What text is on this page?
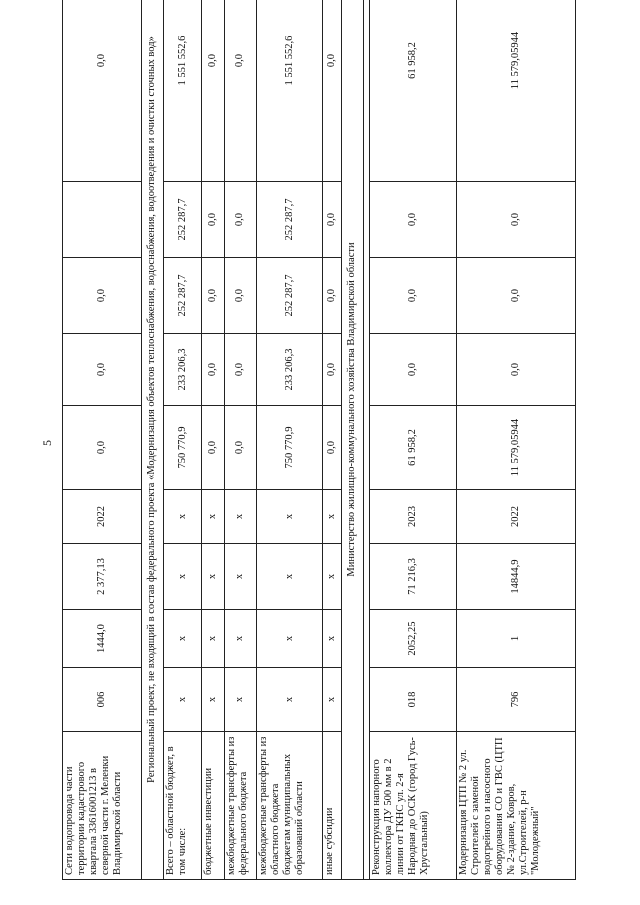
5
Сети водопровода части территории кадастрового квартала 33616001213 в северной части г. Меленки Владимирской области	006	1444,0	2 377,13	2022	0,0	0,0	0,0		0,0
Региональный проект, не входящий в состав федерального проекта «Модернизация объектов теплоснабжения, водоснабжения, водоотведения и очистки сточных вод»									
Всего – областной бюджет, в том числе:	х	х	х	х	750 770,9	233 206,3	252 287,7	252 287,7	1 551 552,6
бюджетные инвестиции	х	х	х	х	0,0	0,0	0,0	0,0	0,0
межбюджетные трансферты из федерального бюджета	х	х	х	х	0,0	0,0	0,0	0,0	0,0
межбюджетные трансферты из областного бюджета бюджетам муниципальных образований области	х	х	х	х	750 770,9	233 206,3	252 287,7	252 287,7	1 551 552,6
иные субсидии	х	х	х	х	0,0	0,0	0,0	0,0	0,0
Министерство жилищно-коммунального хозяйства Владимирской области									

Реконструкция напорного коллектора ДУ 500 мм в 2 линии от ГКНС ул. 2-я Народная до ОСК (город Гусь-Хрустальный)	018	2052,25	71 216,3	2023	61 958,2	0,0	0,0	0,0	61 958,2
Модернизация ЦТП № 2 ул. Строителей с заменой водогрейного и насосного оборудования СО и ГВС (ЦТП № 2-здание, Ковров, ул.Строителей, р-н "Молодежный"	796	1	14844,9	2022	11 579,05944	0,0	0,0	0,0	11 579,05944
